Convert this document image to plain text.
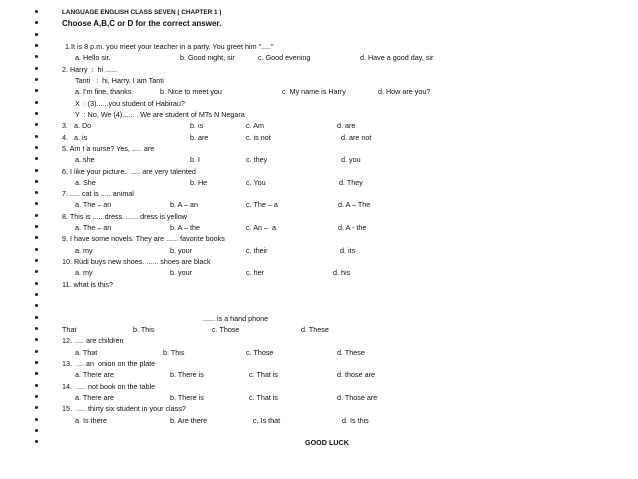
LANGUAGE ENGLISH CLASS SEVEN ( CHAPTER 1 )
Choose A,B,C or D for the correct answer.
1.It is 8 p.m. you meet your teacher in a party. You greet him “.....”
a. Hello sir.	b. Good night, sir	c. Good evening	d. Have a good day, sir
2. Harry  :  hi ......
Tanti   :  hi, Harry. I am Tanti
a. I’m fine, thanks	b. Nice to meet you	c. My name is Harry	d. How are you?
X  : (3)......you student of Habirau?
Y  : No, We (4)...... . We are student of MTs N Negara
3.   a. Do	b. is	c. Am	d. are
4.   a. is	b. are	c. is not	d. are not
5. Am I a nurse? Yes, ..... are
a. she	b. I	c. they	d. you
6. I like your picture.  ..... are very talented
a. She	b. He	c. You	d. They
7. ..... cat is ..... animal
a. The – an	b. A – an	c. The – a	d. A – The
8. This is ......dress. ...... dress is yellow
a. The – an	b. A – the	c. An –  a	d. A - the
9. I have some novels. They are ...... favorite books
a. my	b. your	c. their	d. its
10. Rudi buys new shoes. ...... shoes are black
a. my	b. your	c. her	d. his
11. what is this?
...... is a hand phone
That	b. This	c. Those	d. These
12. ..... are children
a. That	b. This	c. Those	d. These
13.  .... an  onion on the plate
a. There are	b. There is	c. That is	d. those are
14.  ..... not book on the table
a. There are	b. There is	c. That is	d. Those are
15.  ..... thirty six student in your class?
a. Is there	b. Are there	c. Is that	d. Is this
GOOD LUCK
